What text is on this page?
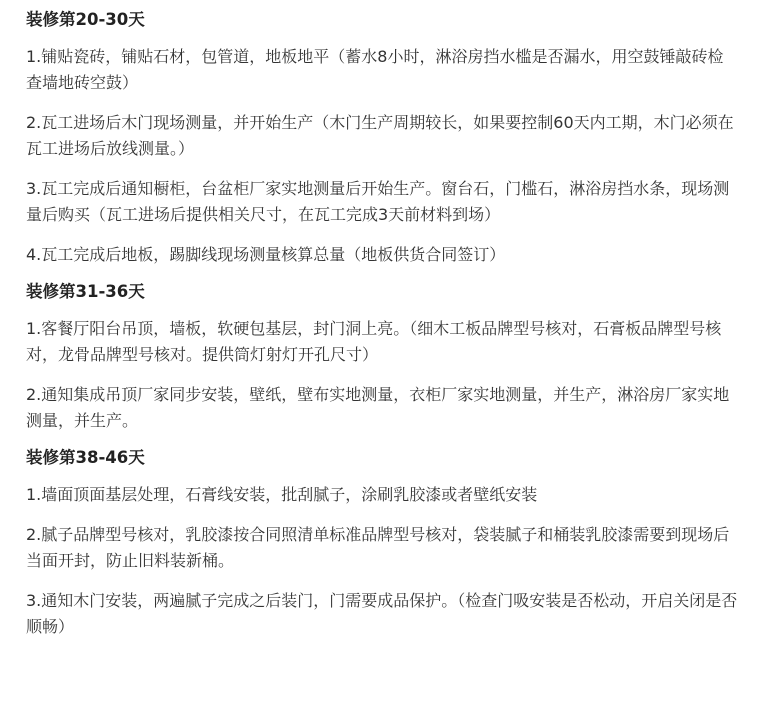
装修第20-30天

1.铺贴瓷砖，铺贴石材，包管道，地板地平（蓄水8小时，淋浴房挡水槛是否漏水，用空鼓锤敲砖检查墙地砖空鼓）

2.瓦工进场后木门现场测量，并开始生产（木门生产周期较长，如果要控制60天内工期，木门必须在瓦工进场后放线测量。）

3.瓦工完成后通知橱柜，台盆柜厂家实地测量后开始生产。窗台石，门槛石，淋浴房挡水条，现场测量后购买（瓦工进场后提供相关尺寸，在瓦工完成3天前材料到场）

4.瓦工完成后地板，踢脚线现场测量核算总量（地板供货合同签订）

装修第31-36天

1.客餐厅阳台吊顶，墙板，软硬包基层，封门洞上亮。（细木工板品牌型号核对，石膏板品牌型号核对，龙骨品牌型号核对。提供筒灯射灯开孔尺寸）

2.通知集成吊顶厂家同步安装，壁纸，壁布实地测量，衣柜厂家实地测量，并生产，淋浴房厂家实地测量，并生产。

装修第38-46天

1.墙面顶面基层处理，石膏线安装，批刮腻子，涂刷乳胶漆或者壁纸安装

2.腻子品牌型号核对，乳胶漆按合同照清单标准品牌型号核对，袋装腻子和桶装乳胶漆需要到现场后当面开封，防止旧料装新桶。

3.通知木门安装，两遍腻子完成之后装门，门需要成品保护。（检查门吸安装是否松动，开启关闭是否顺畅）
